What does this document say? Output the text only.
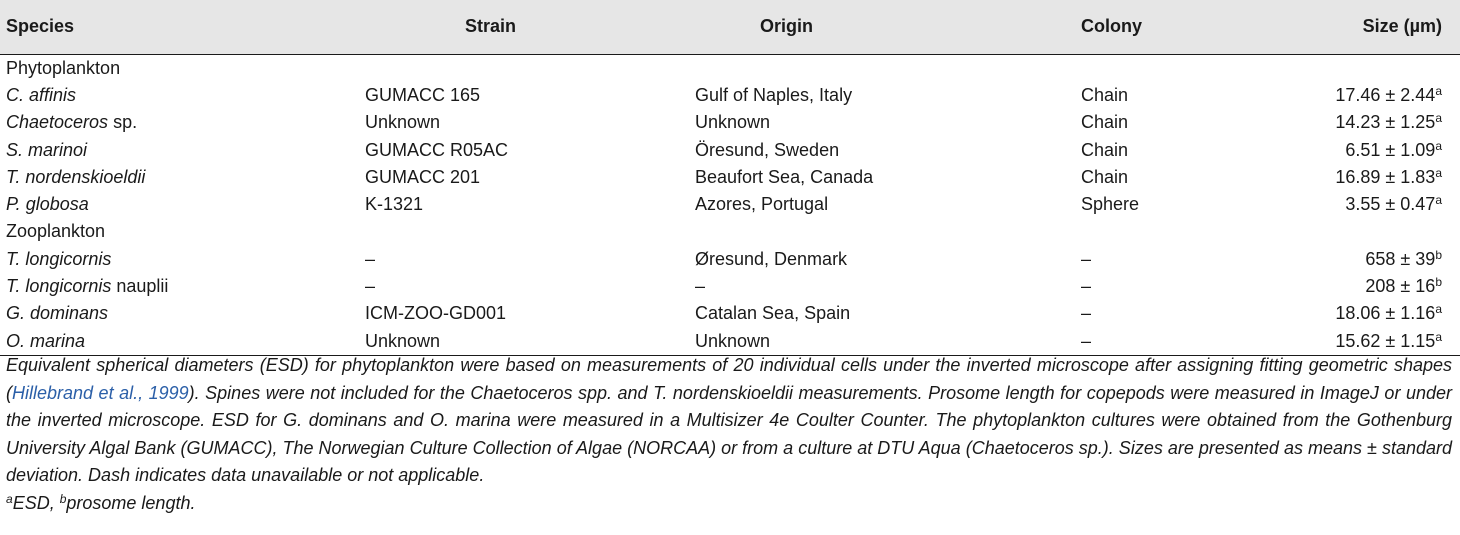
Species	Strain	Origin	Colony	Size (µm)
Phytoplankton				
C. affinis	GUMACC 165	Gulf of Naples, Italy	Chain	17.46 ± 2.44$^a$
Chaetoceros sp.	Unknown	Unknown	Chain	14.23 ± 1.25$^a$
S. marinoi	GUMACC R05AC	Öresund, Sweden	Chain	6.51 ± 1.09$^a$
T. nordenskioeldii	GUMACC 201	Beaufort Sea, Canada	Chain	16.89 ± 1.83$^a$
P. globosa	K-1321	Azores, Portugal	Sphere	3.55 ± 0.47$^a$
Zooplankton				
T. longicornis	–	Øresund, Denmark	–	$658 \pm 39^b$
T. longicornis nauplii	–	–	–	$208 \pm 16^b$
G. dominans	ICM-ZOO-GD001	Catalan Sea, Spain	–	18.06 ± 1.16$^a$
O. marina	Unknown	Unknown	–	15.62 ± 1.15$^a$

Equivalent spherical diameters (ESD) for phytoplankton were based on measurements of 20 individual cells under the inverted microscope after assigning fitting geometric shapes (Hillebrand et al., 1999). Spines were not included for the Chaetoceros spp. and T. nordenskioeldii measurements. Prosome length for copepods were measured in ImageJ or under the inverted microscope. ESD for G. dominans and O. marina were measured in a Multisizer 4e Coulter Counter. The phytoplankton cultures were obtained from the Gothenburg University Algal Bank (GUMACC), The Norwegian Culture Collection of Algae (NORCAA) or from a culture at DTU Aqua (Chaetoceros sp.). Sizes are presented as means ± standard deviation. Dash indicates data unavailable or not applicable.

$^a$ESD, $^b$prosome length.
